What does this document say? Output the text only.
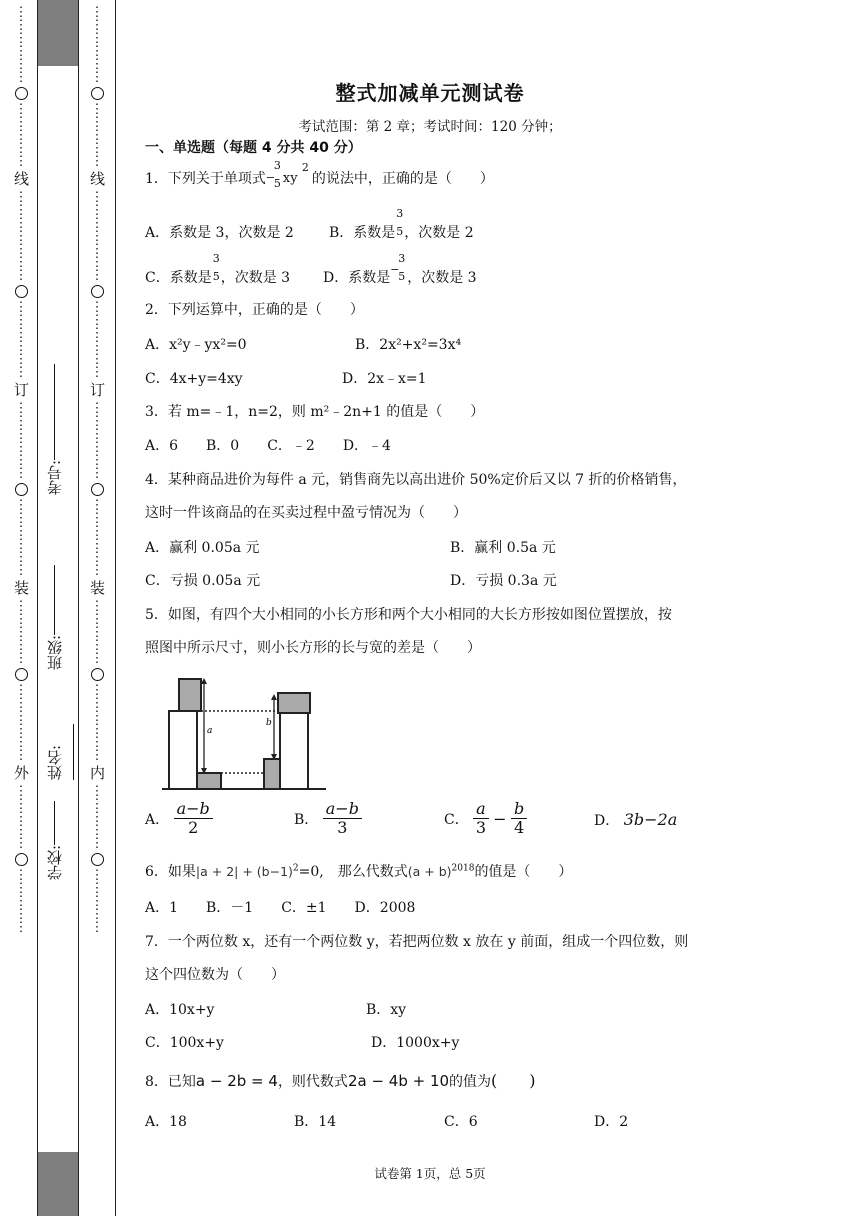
⋮
⋮
⋮
⋮
⋮
⋮
⋮
⋮
⋮
⋮
⋮
线
⋮
⋮
⋮
⋮
⋮
⋮
⋮
⋮
⋮
⋮
⋮
⋮
⋮
订
⋮
⋮
⋮
⋮
⋮
⋮
⋮
⋮
⋮
⋮
⋮
⋮
装
⋮
⋮
⋮
⋮
⋮
⋮
⋮
⋮
⋮
⋮
⋮
外
⋮
⋮
⋮
⋮
⋮
⋮
⋮
⋮
⋮
⋮
⋮
⋮
⋮
⋮
⋮
⋮
⋮
⋮
⋮
⋮
⋮
线
⋮
⋮
⋮
⋮
⋮
⋮
⋮
⋮
⋮
⋮
⋮
⋮
⋮
订
⋮
⋮
⋮
⋮
⋮
⋮
⋮
⋮
⋮
⋮
⋮
⋮
装
⋮
⋮
⋮
⋮
⋮
⋮
⋮
⋮
⋮
⋮
⋮
内
⋮
⋮
⋮
⋮
⋮
⋮
⋮
⋮
⋮
⋮
学校:
姓名:
班级:
考号:
整式加减单元测试卷
考试范围：第 2 章；考试时间：120 分钟；
一、单选题（每题 4 分共 40 分）
1．下列关于单项式 −
3
5 xy
2
的说法中，正确的是（　　）
A．系数是 3，次数是 2	B．系数是
3
5 ，次数是 2
C．系数是
3
5 ，次数是 3 D．系数是
−
3
5 ，次数是 3
2．下列运算中，正确的是（　　）
A．x²y﹣yx²=0	B．2x²+x²=3x⁴
C．4x+y=4xy	D．2x﹣x=1
3．若 m=﹣1，n=2，则 m²﹣2n+1 的值是（　　）
A．6　　B．0　　C．﹣2　　D．﹣4
4．某种商品进价为每件 a 元，销售商先以高出进价 50%定价后又以 7 折的价格销售，
这时一件该商品的在买卖过程中盈亏情况为（　　）
A．赢利 0.05a 元	B．赢利 0.5a 元
C．亏损 0.05a 元	D．亏损 0.3a 元
5．如图，有四个大小相同的小长方形和两个大小相同的大长方形按如图位置摆放，按
照图中所示尺寸，则小长方形的长与宽的差是（　　）
a
b
A． $\frac{a-b}{2}$	B． $\frac{a-b}{3}$	C． $\frac{a}{3} - \frac{b}{4}$	D． 3b−2a
6．如果$|a + 2| + (b-1)^2=0$,　那么代数式$(a + b)^{2018}$的值是（　　）
A．1　　B．－1　　C．±1　　D．2008
7．一个两位数 x，还有一个两位数 y，若把两位数 x 放在 y 前面，组成一个四位数，则
这个四位数为（　　）
A．10x+y	B．xy
C．100x+y	D．1000x+y
8．已知a − 2b = 4，则代数式2a − 4b + 10的值为(　　)
A．18	B．14	C．6	D．2
试卷第 1页，总 5页
